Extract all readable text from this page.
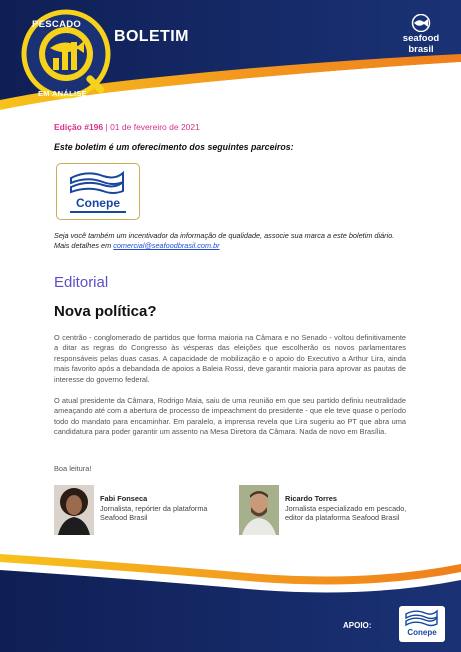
PESCADO
EM ANÁLISE
BOLETIM	seafood
brasil
Edição #196 | 01 de fevereiro de 2021
Este boletim é um oferecimento dos seguintes parceiros:
Conepe
Seja você também um incentivador da informação de qualidade, associe sua marca a este boletim diário. Mais detalhes em comercial@seafoodbrasil.com.br
Editorial
Nova política?

O centrão - conglomerado de partidos que forma maioria na Câmara e no Senado - voltou definitivamente a ditar as regras do Congresso às vésperas das eleições que escolherão os novos parlamentares responsáveis pelas duas casas. A capacidade de mobilização e o apoio do Executivo a Arthur Lira, ainda mais favorito após a debandada de apoios a Baleia Rossi, deve garantir maioria para aprovar as pautas de interesse do governo federal.

O atual presidente da Câmara, Rodrigo Maia, saiu de uma reunião em que seu partido definiu neutralidade ameaçando até com a abertura de processo de impeachment do presidente - que ele teve quase o período todo do mandato para encaminhar. Em paralelo, a imprensa revela que Lira sugeriu ao PT que abra uma candidatura para poder garantir um assento na Mesa Diretora da Câmara. Nada de novo em Brasília.

Boa leitura!
Fabi Fonseca
Jornalista, repórter da plataforma Seafood Brasil
Ricardo Torres
Jornalista especializado em pescado, editor da plataforma Seafood Brasil
APOIO:
Conepe
